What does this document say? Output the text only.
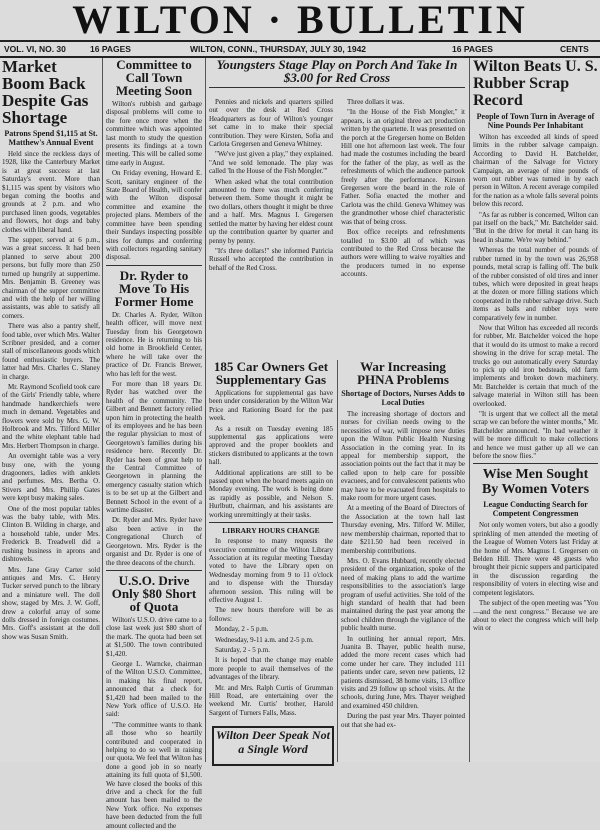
WILTON · BULLETIN
VOL. VI, NO. 30	16 PAGES	WILTON, CONN., THURSDAY, JULY 30, 1942	16 PAGES	CENTS
Market Boom Back Despite Gas Shortage
Patrons Spend $1,115 at St. Matthew's Annual Event

Held since the reckless days of 1928, like the Canterbury Market is at great success at last Saturday's event. More than $1,115 was spent by visitors who began coming the booths and grounds at 2 p.m. and who purchased linen goods, vegetables and flowers, hot dogs and baby clothes with liberal hand.

The supper, served at 6 p.m., was a great success. It had been planned to serve about 200 persons, but fully more than 250 turned up hungrily at suppertime. Mrs. Benjamin B. Greeney was chairman of the supper committee and with the help of her willing assistants, was able to satisfy all comers.

There was also a pantry shelf, food table, over which Mrs. Walter Scribner presided, and a corner stall of miscellaneous goods which found enthusiastic buyers. The latter had Mrs. Charles C. Slaney in charge.

Mr. Raymond Scofield took care of the Girls' Friendly table, where handmade handkerchiefs were much in demand. Vegetables and flowers were sold by Mrs. G. W. Holbrook and Mrs. Tilford Miller and the white elephant table had Mrs. Herbert Thompson in charge.

An overnight table was a very busy one, with the young dragooners, ladies with anklets and perfumes. Mrs. Bertha O. Stivers and Mrs. Phillip Gates were kept busy making sales.

One of the most popular tables was the baby table, with Mrs. Clinton B. Wilding in charge, and a household table, under Mrs. Frederick B. Treadwell did a rushing business in aprons and dishtowels.

Mrs. Jane Gray Carter sold antiques and Mrs. C. Henry Tucker served punch to the library and a miniature well. The doll show, staged by Mrs. J. W. Goff, drew a colorful array of some dolls dressed in foreign costumes. Mrs. Goff's assistant at the doll show was Susan Smith.

Committee to Call Town Meeting Soon

Wilton's rubbish and garbage disposal problems will come to the fore once more when the committee which was appointed last month to study the question presents its findings at a town meeting. This will be called some time early in August.

On Friday evening, Howard E. Scott, sanitary engineer of the State Board of Health, will confer with the Wilton disposal committee and examine the projected plans. Members of the committee have been spending their Sundays inspecting possible sites for dumps and conferring with collectors regarding sanitary disposal.

Dr. Ryder to Move To His Former Home

Dr. Charles A. Ryder, Wilton health officer, will move next Tuesday from his Georgetown residence. He is returning to his old home in Brookfield Center, where he will take over the practice of Dr. Francis Brewer, who has left for the west.

For more than 18 years Dr. Ryder has watched over the health of the community. The Gilbert and Bennett factory relied upon him in protecting the health of its employees and he has been the regular physician to most of Georgetown's families during his residence here. Recently Dr. Ryder has been of great help to the Central Committee of Georgetown in planning the emergency casualty station which is to be set up at the Gilbert and Bennett School in the event of a wartime disaster.

Dr. Ryder and Mrs. Ryder have also been active in the Congregational Church of Georgetown. Mrs. Ryder is the organist and Dr. Ryder is one of the three deacons of the church.

U.S.O. Drive Only $80 Short of Quota

Wilton's U.S.O. drive came to a close last week just $80 short of the mark. The quota had been set at $1,500. The town contributed $1,420.

George L. Warncke, chairman of the Wilton U.S.O. Committee, in making his final report, announced that a check for $1,420 had been mailed to the New York office of U.S.O. He said:

"The committee wants to thank all those who so heartily contributed and cooperated in helping to do so well in raising our quota. We feel that Wilton has done a good job in so nearly attaining its full quota of $1,500. We have closed the books of this drive and a check for the full amount has been mailed to the New York office. No expenses have been deducted from the full amount collected and the

Youngsters Stage Play on Porch And Take In $3.00 for Red Cross

Pennies and nickels and quarters spilled out over the desk at Red Cross Headquarters as four of Wilton's younger set came in to make their special contribution. They were Kirsten, Sofia and Carlota Gregersen and Geneva Whitney.

"We've just given a play," they explained. "And we sold lemonade. The play was called 'In the House of the Fish Mongler.'"

When asked what the total contribution amounted to there was much conferring between them. Some thought it might be two dollars, others thought it might be three and a half. Mrs. Magnus I. Gregersen settled the matter by having her eldest count up the contribution quarter by quarter and penny by penny.

"It's three dollars!" she informed Patricia Russell who accepted the contribution in behalf of the Red Cross.

Three dollars it was.

"In the House of the Fish Mongler," it appears, is an original three act production written by the quartette. It was presented on the porch at the Gregersen home on Belden Hill one hot afternoon last week. The four had made the costumes including the beard for the father of the play, as well as the refreshments of which the audience partook freely after the performance. Kirsten Gregersen wore the beard in the role of Father. Sofia enacted the mother and Carlota was the child. Geneva Whitney was the grandmother whose chief characteristic was that of being cross.

Box office receipts and refreshments totalled to $3.00 all of which was contributed to the Red Cross because the authors were willing to waive royalties and the producers turned in no expense accounts.

185 Car Owners Get Supplementary Gas

Applications for supplemental gas have been under consideration by the Wilton War Price and Rationing Board for the past week.

As a result on Tuesday evening 185 supplemental gas applications were approved and the proper booklets and stickers distributed to applicants at the town hall.

Additional applications are still to be passed upon when the board meets again on Monday evening. The work is being done as rapidly as possible, and Nelson S. Hurlbutt, chairman, and his assistants are working unremittingly at their tasks.

LIBRARY HOURS CHANGE

In response to many requests the executive committee of the Wilton Library Association at its regular meeting Tuesday voted to have the Library open on Wednesday morning from 9 to 11 o'clock and to dispense with the Thursday afternoon session. This ruling will be effective August 1.

The new hours therefore will be as follows:

Monday, 2 - 5 p.m.

Wednesday, 9-11 a.m. and 2-5 p.m.

Saturday, 2 - 5 p.m.

It is hoped that the change may enable more people to avail themselves of the advantages of the library.

Mr. and Mrs. Ralph Curtis of Grumman Hill Road, are entertaining over the weekend Mr. Curtis' brother, Harold Sargent of Turners Falls, Mass.

Wilton Deer Speak Not a Single Word
War Increasing PHNA Problems
Shortage of Doctors, Nurses Adds to Local Duties

The increasing shortage of doctors and nurses for civilian needs owing to the necessities of war, will impose new duties upon the Wilton Public Health Nursing Association in the coming year. In its appeal for membership support, the association points out the fact that it may be called upon to help care for possible evacuees, and for convalescent patients who may have to be evacuated from hospitals to make room for more urgent cases.

At a meeting of the Board of Directors of the Association at the town hall last Thursday evening, Mrs. Tilford W. Miller, new membership chairman, reported that to date $211.50 had been received in membership contributions.

Mrs. O. Evans Hubbard, recently elected president of the organization, spoke of the need of making plans to add the wartime responsibilities to the association's large program of useful activities. She told of the high standard of health that had been maintained during the past year among the school children through the vigilance of the public health nurse.

In outlining her annual report, Mrs. Juanita B. Thayer, public health nurse, added the more recent cases which had come under her care. They included 111 patients under care, seven new patients, 12 patients dismissed, 38 home visits, 13 office visits and 29 follow up school visits. At the schools, during June, Mrs. Thayer weighed and examined 450 children.

During the past year Mrs. Thayer pointed out that she had ex-

Wilton Beats U. S. Rubber Scrap Record
People of Town Turn in Average of Nine Pounds Per Inhabitant

Wilton has exceeded all kinds of speed limits in the rubber salvage campaign. According to David H. Batchelder, chairman of the Salvage for Victory Campaign, an average of nine pounds of worn out rubber was turned in by each person in Wilton. A recent average compiled for the nation as a whole falls several points below this record.

"As far as rubber is concerned, Wilton can pat itself on the back," Mr. Batchelder said. "But in the drive for metal it can hang its head in shame. We're way behind."

Whereas the total number of pounds of rubber turned in by the town was 26,958 pounds, metal scrap is falling off. The bulk of the rubber consisted of old tires and inner tubes, which were deposited in great heaps at the dozen or more filling stations which cooperated in the rubber salvage drive. Such items as balls and rubber toys were comparatively few in number.

Now that Wilton has exceeded all records for rubber, Mr. Batchelder voiced the hope that it would do its utmost to make a record showing in the drive for scrap metal. The trucks go out automatically every Saturday to pick up old iron bedsteads, old farm implements and broken down machinery. Mr. Batchelder is certain that much of the salvage material in Wilton still has been overlooked.

"It is urgent that we collect all the metal scrap we can before the winter months," Mr. Batchelder announced. "In bad weather it will be more difficult to make collections and hence we must gather up all we can before the snow flies."

Wise Men Sought By Women Voters
League Conducting Search for Competent Congressmen

Not only women voters, but also a goodly sprinkling of men attended the meeting of the League of Women Voters last Friday at the home of Mrs. Magnus I. Gregersen on Belden Hill. There were 48 guests who brought their picnic suppers and participated in the discussion regarding the responsibility of voters in electing wise and competent legislators.

The subject of the open meeting was "You—and the next congress." Because we are about to elect the congress which will help win or
